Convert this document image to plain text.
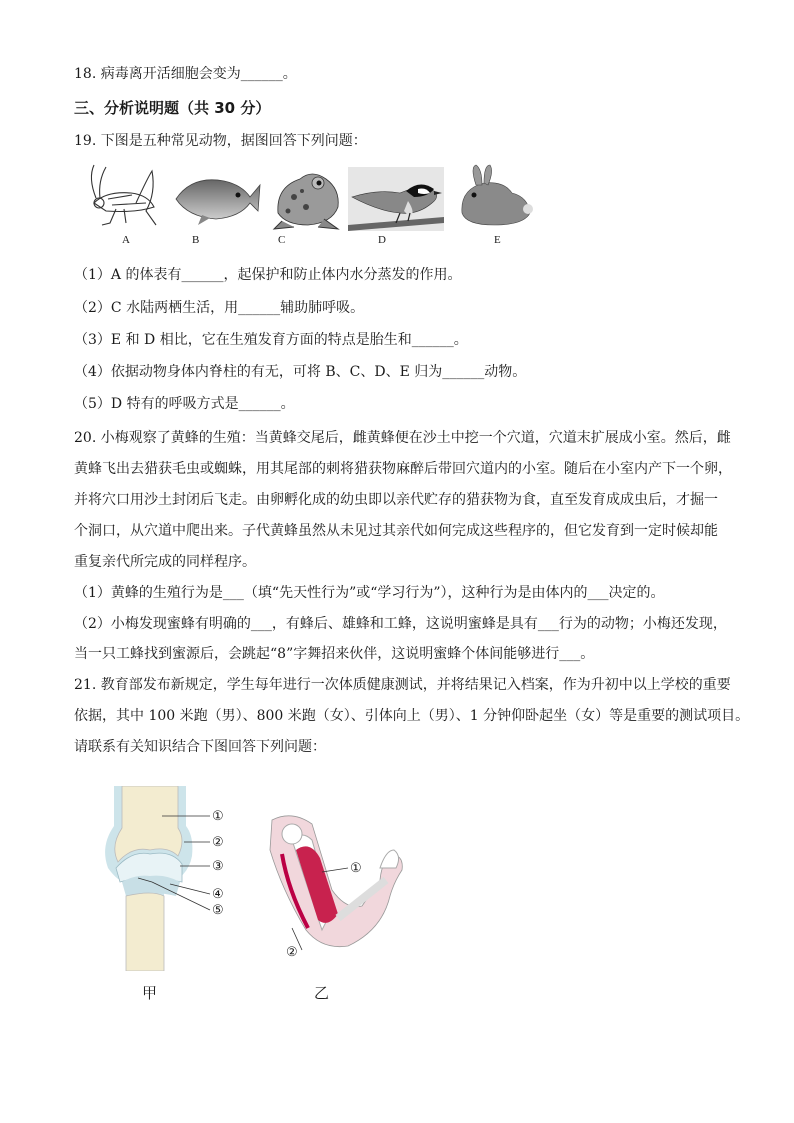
18. 病毒离开活细胞会变为______。
三、分析说明题（共 30 分）
19. 下图是五种常见动物，据图回答下列问题：
A	B	C	D	E
（1）A 的体表有______，起保护和防止体内水分蒸发的作用。
（2）C 水陆两栖生活，用______辅助肺呼吸。
（3）E 和 D 相比，它在生殖发育方面的特点是胎生和______。
（4）依据动物身体内脊柱的有无，可将 B、C、D、E 归为______动物。
（5）D 特有的呼吸方式是______。
20. 小梅观察了黄蜂的生殖：当黄蜂交尾后，雌黄蜂便在沙土中挖一个穴道，穴道末扩展成小室。然后，雌
黄蜂飞出去猎获毛虫或蜘蛛，用其尾部的刺将猎获物麻醉后带回穴道内的小室。随后在小室内产下一个卵，
并将穴口用沙土封闭后飞走。由卵孵化成的幼虫即以亲代贮存的猎获物为食，直至发育成成虫后，才掘一
个洞口，从穴道中爬出来。子代黄蜂虽然从未见过其亲代如何完成这些程序的，但它发育到一定时候却能
重复亲代所完成的同样程序。
（1）黄蜂的生殖行为是___（填“先天性行为”或“学习行为”），这种行为是由体内的___决定的。
（2）小梅发现蜜蜂有明确的___，有蜂后、雄蜂和工蜂，这说明蜜蜂是具有___行为的动物；小梅还发现，
当一只工蜂找到蜜源后，会跳起“8”字舞招来伙伴，这说明蜜蜂个体间能够进行___。
21. 教育部发布新规定，学生每年进行一次体质健康测试，并将结果记入档案，作为升初中以上学校的重要
依据，其中 100 米跑（男）、800 米跑（女）、引体向上（男）、1 分钟仰卧起坐（女）等是重要的测试项目。
请联系有关知识结合下图回答下列问题：
①
②
③
④
⑤
甲
①
②
乙
